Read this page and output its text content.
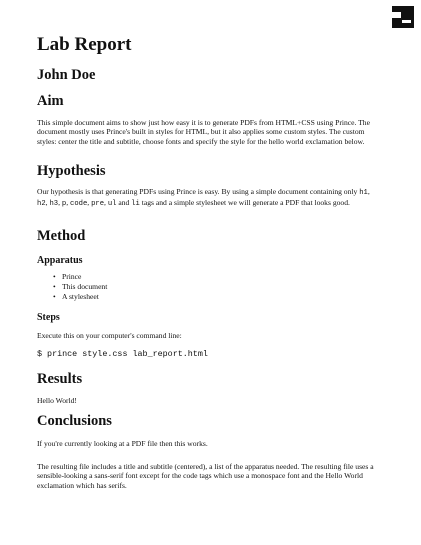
Lab Report
John Doe
Aim

This simple document aims to show just how easy it is to generate PDFs from HTML+CSS using Prince. The document mostly uses Prince's built in styles for HTML, but it also applies some custom styles. The custom styles: center the title and subtitle, choose fonts and specify the style for the hello world exclamation below.

Hypothesis

Our hypothesis is that generating PDFs using Prince is easy. By using a simple document containing only h1, h2, h3, p, code, pre, ul and li tags and a simple stylesheet we will generate a PDF that looks good.

Method
Apparatus
• Prince
• This document
• A stylesheet
Steps

Execute this on your computer's command line:

$ prince style.css lab_report.html
Results

Hello World!

Conclusions

If you're currently looking at a PDF file then this works.

The resulting file includes a title and subtitle (centered), a list of the apparatus needed. The resulting file uses a sensible-looking a sans-serif font except for the code tags which use a monospace font and the Hello World exclamation which has serifs.
